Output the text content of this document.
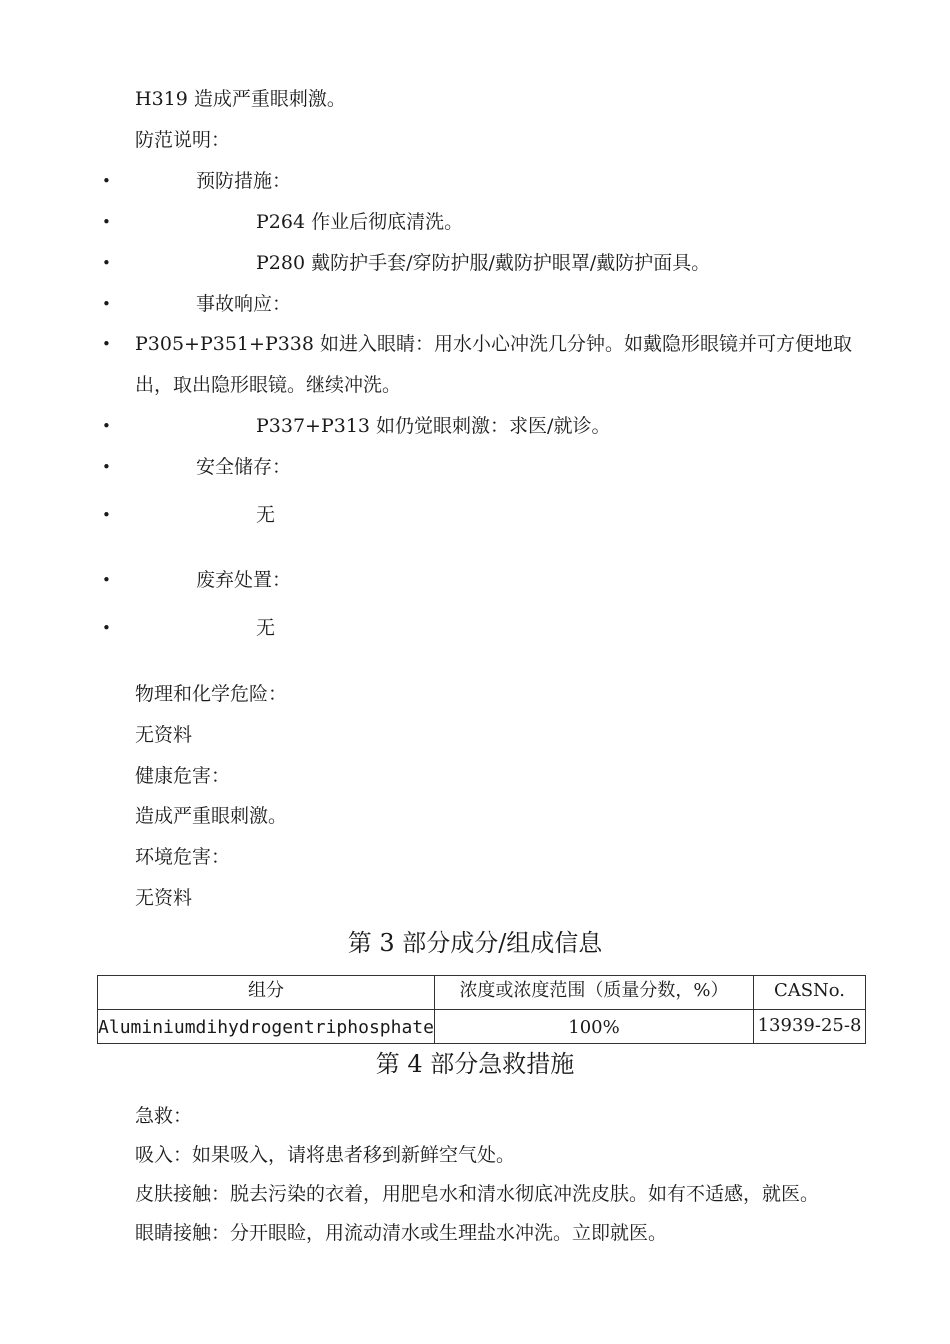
H319 造成严重眼刺激。
防范说明：
•	预防措施：
•	P264 作业后彻底清洗。
•	P280 戴防护手套/穿防护服/戴防护眼罩/戴防护面具。
•	事故响应：
• P305+P351+P338 如进入眼睛：用水小心冲洗几分钟。如戴隐形眼镜并可方便地取
出，取出隐形眼镜。继续冲洗。
•	P337+P313 如仍觉眼刺激：求医/就诊。
•	安全储存：
•	无
•	废弃处置：
•	无
物理和化学危险：
无资料
健康危害：
造成严重眼刺激。
环境危害：
无资料
第 3 部分成分/组成信息
组分	浓度或浓度范围（质量分数，%）	CASNo.

Aluminiumdihydrogentriphosphate	100%	13939-25-8
第 4 部分急救措施
急救：
吸入：如果吸入，请将患者移到新鲜空气处。
皮肤接触：脱去污染的衣着，用肥皂水和清水彻底冲洗皮肤。如有不适感，就医。
眼睛接触：分开眼睑，用流动清水或生理盐水冲洗。立即就医。
